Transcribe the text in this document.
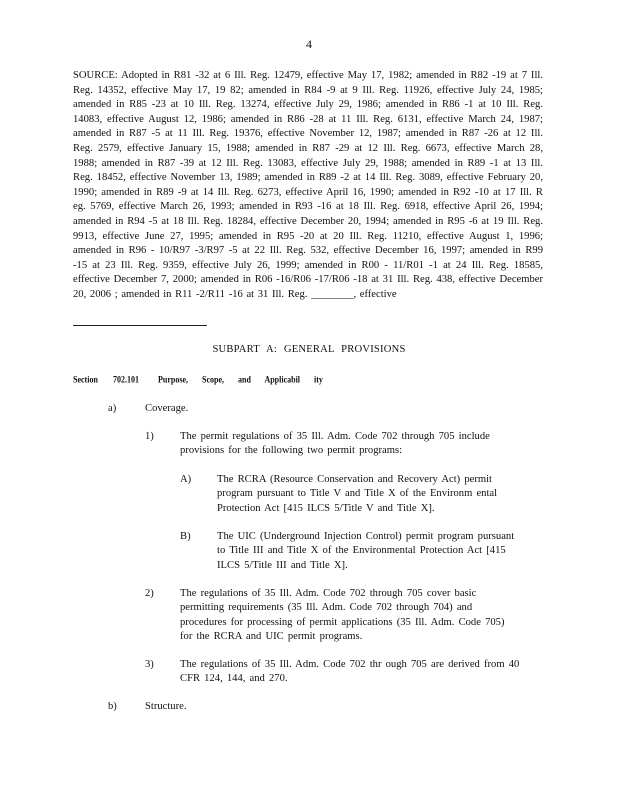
4

SOURCE: Adopted in R81 -32 at 6 Ill. Reg. 12479, effective May 17, 1982; amended in R82 -19 at 7 Ill. Reg. 14352, effective May 17, 19 82; amended in R84 -9 at 9 Ill. Reg. 11926, effective July 24, 1985; amended in R85 -23 at 10 Ill. Reg. 13274, effective July 29, 1986; amended in R86 -1 at 10 Ill. Reg. 14083, effective August 12, 1986; amended in R86 -28 at 11 Ill. Reg. 6131, effective March 24, 1987; amended in R87 -5 at 11 Ill. Reg. 19376, effective November 12, 1987; amended in R87 -26 at 12 Ill. Reg. 2579, effective January 15, 1988; amended in R87 -29 at 12 Ill. Reg. 6673, effective March 28, 1988; amended in R87 -39 at 12 Ill. Reg. 13083, effective July 29, 1988; amended in R89 -1 at 13 Ill. Reg. 18452, effective November 13, 1989; amended in R89 -2 at 14 Ill. Reg. 3089, effective February 20, 1990; amended in R89 -9 at 14 Ill. Reg. 6273, effective April 16, 1990; amended in R92 -10 at 17 Ill. R eg. 5769, effective March 26, 1993; amended in R93 -16 at 18 Ill. Reg. 6918, effective April 26, 1994; amended in R94 -5 at 18 Ill. Reg. 18284, effective December 20, 1994; amended in R95 -6 at 19 Ill. Reg. 9913, effective June 27, 1995; amended in R95 -20 at 20 Ill. Reg. 11210, effective August 1, 1996; amended in R96 - 10/R97 -3/R97 -5 at 22 Ill. Reg. 532, effective December 16, 1997; amended in R99 -15 at 23 Ill. Reg. 9359, effective July 26, 1999; amended in R00 - 11/R01 -1 at 24 Ill. Reg. 18585, effective December 7, 2000; amended in R06 -16/R06 -17/R06 -18 at 31 Ill. Reg. 438, effective December 20, 2006 ; amended in R11 -2/R11 -16 at 31 Ill. Reg. ________, effective

SUBPART A: GENERAL PROVISIONS
Section 702.101 Purpose, Scope, and Applicabil ity
a)	Coverage.
1) The permit regulations of 35 Ill. Adm. Code 702 through 705 include
provisions for the following two permit programs:
A) The RCRA (Resource Conservation and Recovery Act) permit
program pursuant to Title V and Title X of the Environm ental
Protection Act [415 ILCS 5/Title V and Title X].
B) The UIC (Underground Injection Control) permit program pursuant
to Title III and Title X of the Environmental Protection Act [415
ILCS 5/Title III and Title X].
2) The regulations of 35 Ill. Adm. Code 702 through 705 cover basic
permitting requirements (35 Ill. Adm. Code 702 through 704) and
procedures for processing of permit applications (35 Ill. Adm. Code 705)
for the RCRA and UIC permit programs.
3) The regulations of 35 Ill. Adm. Code 702 thr ough 705 are derived from 40
CFR 124, 144, and 270.
b)	Structure.
